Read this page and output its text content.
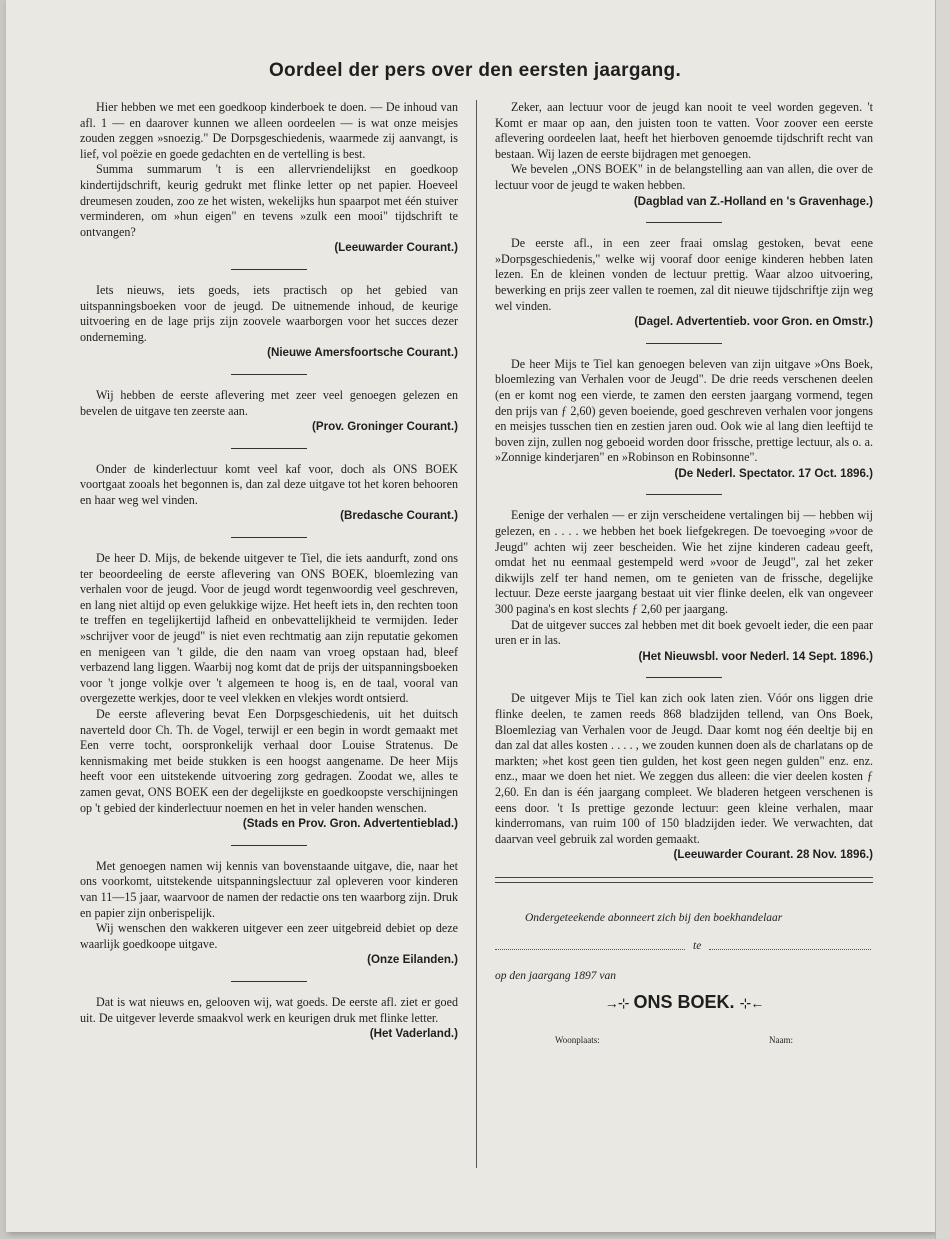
Oordeel der pers over den eersten jaargang.

Hier hebben we met een goedkoop kinderboek te doen. — De inhoud van afl. 1 — en daarover kunnen we alleen oordeelen — is wat onze meisjes zouden zeggen »snoezig." De Dorpsgeschiedenis, waarmede zij aanvangt, is lief, vol poëzie en goede gedachten en de vertelling is best.

Summa summarum 't is een allervriendelijkst en goedkoop kindertijdschrift, keurig gedrukt met flinke letter op net papier. Hoeveel dreumesen zouden, zoo ze het wisten, wekelijks hun spaarpot met één stuiver verminderen, om »hun eigen" en tevens »zulk een mooi" tijdschrift te ontvangen?

(Leeuwarder Courant.)

Iets nieuws, iets goeds, iets practisch op het gebied van uitspanningsboeken voor de jeugd. De uitnemende inhoud, de keurige uitvoering en de lage prijs zijn zoovele waarborgen voor het succes dezer onderneming.

(Nieuwe Amersfoortsche Courant.)

Wij hebben de eerste aflevering met zeer veel genoegen gelezen en bevelen de uitgave ten zeerste aan.

(Prov. Groninger Courant.)

Onder de kinderlectuur komt veel kaf voor, doch als ONS BOEK voortgaat zooals het begonnen is, dan zal deze uitgave tot het koren behooren en haar weg wel vinden.

(Bredasche Courant.)

De heer D. Mijs, de bekende uitgever te Tiel, die iets aandurft, zond ons ter beoordeeling de eerste aflevering van ONS BOEK, bloemlezing van verhalen voor de jeugd. Voor de jeugd wordt tegenwoordig veel geschreven, en lang niet altijd op even gelukkige wijze. Het heeft iets in, den rechten toon te treffen en tegelijkertijd lafheid en onbevattelijkheid te vermijden. Ieder »schrijver voor de jeugd" is niet even rechtmatig aan zijn reputatie gekomen en menigeen van 't gilde, die den naam van vroeg opstaan had, bleef verbazend lang liggen. Waarbij nog komt dat de prijs der uitspanningsboeken voor 't jonge volkje over 't algemeen te hoog is, en de taal, vooral van overgezette werkjes, door te veel vlekken en vlekjes wordt ontsierd.

De eerste aflevering bevat Een Dorpsgeschiedenis, uit het duitsch naverteld door Ch. Th. de Vogel, terwijl er een begin in wordt gemaakt met Een verre tocht, oorspronkelijk verhaal door Louise Stratenus. De kennismaking met beide stukken is een hoogst aangename. De heer Mijs heeft voor een uitstekende uitvoering zorg gedragen. Zoodat we, alles te zamen gevat, ONS BOEK een der degelijkste en goedkoopste verschijningen op 't gebied der kinderlectuur noemen en het in veler handen wenschen.

(Stads en Prov. Gron. Advertentieblad.)

Met genoegen namen wij kennis van bovenstaande uitgave, die, naar het ons voorkomt, uitstekende uitspanningslectuur zal opleveren voor kinderen van 11—15 jaar, waarvoor de namen der redactie ons ten waarborg zijn. Druk en papier zijn onberispelijk.

Wij wenschen den wakkeren uitgever een zeer uitgebreid debiet op deze waarlijk goedkoope uitgave.

(Onze Eilanden.)

Dat is wat nieuws en, gelooven wij, wat goeds. De eerste afl. ziet er goed uit. De uitgever leverde smaakvol werk en keurigen druk met flinke letter.

(Het Vaderland.)

Zeker, aan lectuur voor de jeugd kan nooit te veel worden gegeven. 't Komt er maar op aan, den juisten toon te vatten. Voor zoover een eerste aflevering oordeelen laat, heeft het hierboven genoemde tijdschrift recht van bestaan. Wij lazen de eerste bijdragen met genoegen.

We bevelen „ONS BOEK" in de belangstelling aan van allen, die over de lectuur voor de jeugd te waken hebben.

(Dagblad van Z.-Holland en 's Gravenhage.)

De eerste afl., in een zeer fraai omslag gestoken, bevat eene »Dorpsgeschiedenis," welke wij vooraf door eenige kinderen hebben laten lezen. En de kleinen vonden de lectuur prettig. Waar alzoo uitvoering, bewerking en prijs zeer vallen te roemen, zal dit nieuwe tijdschriftje zijn weg wel vinden.

(Dagel. Advertentieb. voor Gron. en Omstr.)

De heer Mijs te Tiel kan genoegen beleven van zijn uitgave »Ons Boek, bloemlezing van Verhalen voor de Jeugd". De drie reeds verschenen deelen (en er komt nog een vierde, te zamen den eersten jaargang vormend, tegen den prijs van ƒ 2,60) geven boeiende, goed geschreven verhalen voor jongens en meisjes tusschen tien en zestien jaren oud. Ook wie al lang dien leeftijd te boven zijn, zullen nog geboeid worden door frissche, prettige lectuur, als o. a. »Zonnige kinderjaren" en »Robinson en Robinsonne".

(De Nederl. Spectator. 17 Oct. 1896.)

Eenige der verhalen — er zijn verscheidene vertalingen bij — hebben wij gelezen, en . . . . we hebben het boek liefgekregen. De toevoeging »voor de Jeugd" achten wij zeer bescheiden. Wie het zijne kinderen cadeau geeft, omdat het nu eenmaal gestempeld werd »voor de Jeugd", zal het zeker dikwijls zelf ter hand nemen, om te genieten van de frissche, degelijke lectuur. Deze eerste jaargang bestaat uit vier flinke deelen, elk van ongeveer 300 pagina's en kost slechts ƒ 2,60 per jaargang.

Dat de uitgever succes zal hebben met dit boek gevoelt ieder, die een paar uren er in las.

(Het Nieuwsbl. voor Nederl. 14 Sept. 1896.)

De uitgever Mijs te Tiel kan zich ook laten zien. Vóór ons liggen drie flinke deelen, te zamen reeds 868 bladzijden tellend, van Ons Boek, Bloemleziag van Verhalen voor de Jeugd. Daar komt nog één deeltje bij en dan zal dat alles kosten . . . . , we zouden kunnen doen als de charlatans op de markten; »het kost geen tien gulden, het kost geen negen gulden" enz. enz. enz., maar we doen het niet. We zeggen dus alleen: die vier deelen kosten ƒ 2,60. En dan is één jaargang compleet. We bladeren hetgeen verschenen is eens door. 't Is prettige gezonde lectuur: geen kleine verhalen, maar kinderromans, van ruim 100 of 150 bladzijden ieder. We verwachten, dat daarvan veel gebruik zal worden gemaakt.

(Leeuwarder Courant. 28 Nov. 1896.)

Ondergeteekende abonneert zich bij den boekhandelaar
te
op den jaargang 1897 van
→⊹ ONS BOEK. ⊹←
Woonplaats:	Naam:
